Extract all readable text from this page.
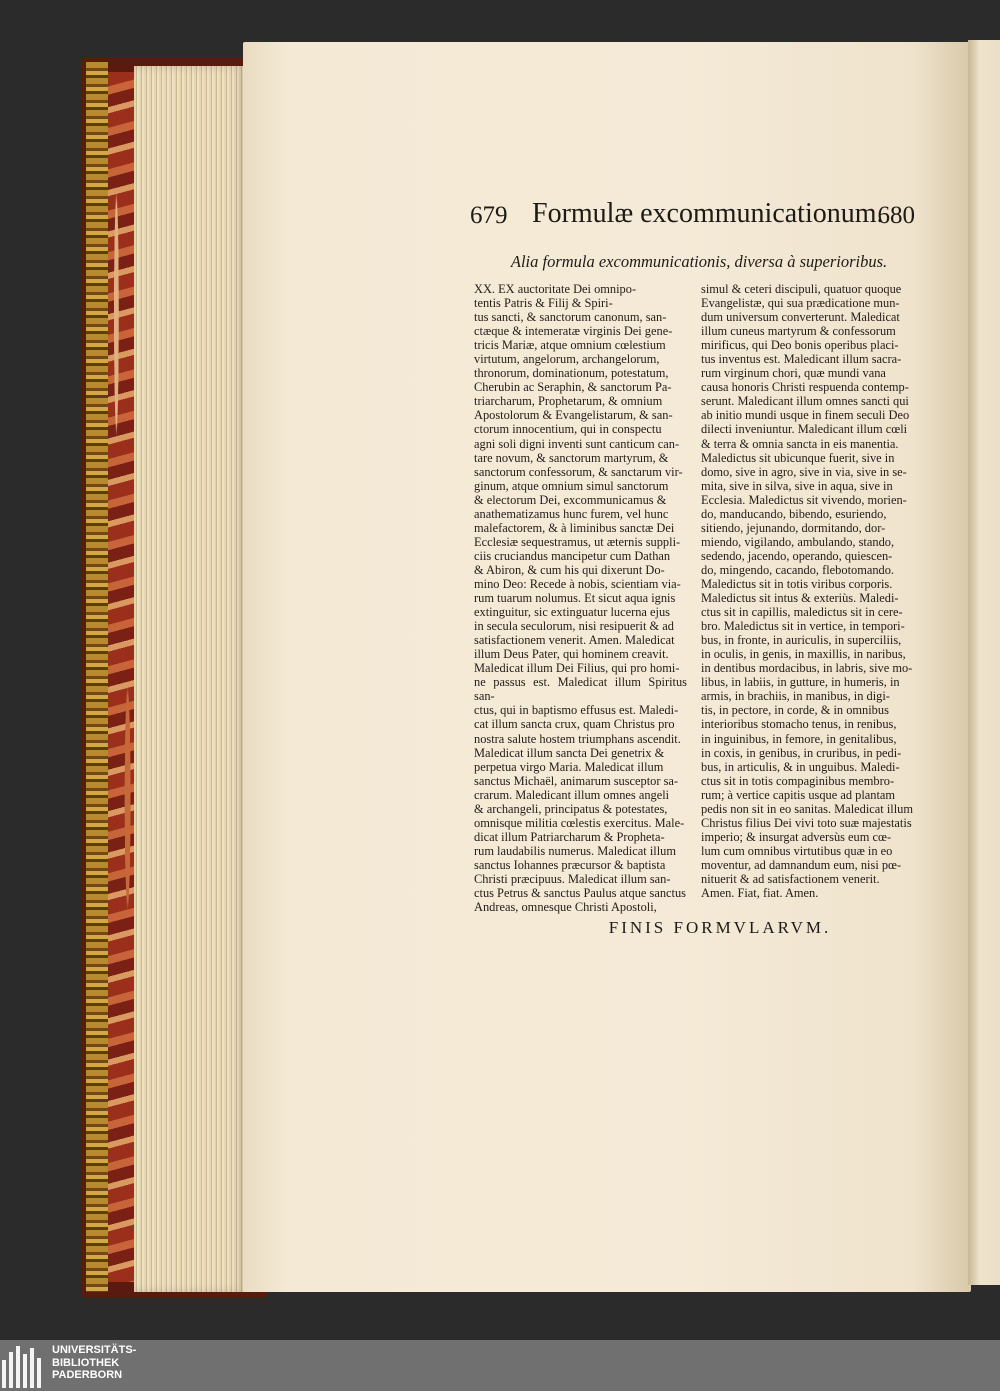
679 Formulæ excommunicationum.
680
Alia formula excommunicationis, diversa à superioribus.
XX. EX auctoritate Dei omnipo-
tentis Patris & Filij & Spiri-
tus sancti, & sanctorum canonum, san-
ctæque & intemeratæ virginis Dei gene-
tricis Mariæ, atque omnium cœlestium
virtutum, angelorum, archangelorum,
thronorum, dominationum, potestatum,
Cherubin ac Seraphin, & sanctorum Pa-
triarcharum, Prophetarum, & omnium
Apostolorum & Evangelistarum, & san-
ctorum innocentium, qui in conspectu
agni soli digni inventi sunt canticum can-
tare novum, & sanctorum martyrum, &
sanctorum confessorum, & sanctarum vir-
ginum, atque omnium simul sanctorum
& electorum Dei, excommunicamus &
anathematizamus hunc furem, vel hunc
malefactorem, & à liminibus sanctæ Dei
Ecclesiæ sequestramus, ut æternis suppli-
ciis cruciandus mancipetur cum Dathan
& Abiron, & cum his qui dixerunt Do-
mino Deo: Recede à nobis, scientiam via-
rum tuarum nolumus. Et sicut aqua ignis
extinguitur, sic extinguatur lucerna ejus
in secula seculorum, nisi resipuerit & ad
satisfactionem venerit. Amen. Maledicat
illum Deus Pater, qui hominem creavit.
Maledicat illum Dei Filius, qui pro homi-
ne passus est. Maledicat illum Spiritus san-
ctus, qui in baptismo effusus est. Maledi-
cat illum sancta crux, quam Christus pro
nostra salute hostem triumphans ascendit.
Maledicat illum sancta Dei genetrix &
perpetua virgo Maria. Maledicat illum
sanctus Michaël, animarum susceptor sa-
crarum. Maledicant illum omnes angeli
& archangeli, principatus & potestates,
omnisque militia cœlestis exercitus. Male-
dicat illum Patriarcharum & Propheta-
rum laudabilis numerus. Maledicat illum
sanctus Iohannes præcursor & baptista
Christi præcipuus. Maledicat illum san-
ctus Petrus & sanctus Paulus atque sanctus
Andreas, omnesque Christi Apostoli,
simul & ceteri discipuli, quatuor quoque
Evangelistæ, qui sua prædicatione mun-
dum universum converterunt. Maledicat
illum cuneus martyrum & confessorum
mirificus, qui Deo bonis operibus placi-
tus inventus est. Maledicant illum sacra-
rum virginum chori, quæ mundi vana
causa honoris Christi respuenda contemp-
serunt. Maledicant illum omnes sancti qui
ab initio mundi usque in finem seculi Deo
dilecti inveniuntur. Maledicant illum cœli
& terra & omnia sancta in eis manentia.
Maledictus sit ubicunque fuerit, sive in
domo, sive in agro, sive in via, sive in se-
mita, sive in silva, sive in aqua, sive in
Ecclesia. Maledictus sit vivendo, morien-
do, manducando, bibendo, esuriendo,
sitiendo, jejunando, dormitando, dor-
miendo, vigilando, ambulando, stando,
sedendo, jacendo, operando, quiescen-
do, mingendo, cacando, flebotomando.
Maledictus sit in totis viribus corporis.
Maledictus sit intus & exteriùs. Maledi-
ctus sit in capillis, maledictus sit in cere-
bro. Maledictus sit in vertice, in tempori-
bus, in fronte, in auriculis, in superciliis,
in oculis, in genis, in maxillis, in naribus,
in dentibus mordacibus, in labris, sive mo-
libus, in labiis, in gutture, in humeris, in
armis, in brachiis, in manibus, in digi-
tis, in pectore, in corde, & in omnibus
interioribus stomacho tenus, in renibus,
in inguinibus, in femore, in genitalibus,
in coxis, in genibus, in cruribus, in pedi-
bus, in articulis, & in unguibus. Maledi-
ctus sit in totis compaginibus membro-
rum; à vertice capitis usque ad plantam
pedis non sit in eo sanitas. Maledicat illum
Christus filius Dei vivi toto suæ majestatis
imperio; & insurgat adversùs eum cœ-
lum cum omnibus virtutibus quæ in eo
moventur, ad damnandum eum, nisi pœ-
nituerit & ad satisfactionem venerit.
Amen. Fiat, fiat. Amen.
FINIS FORMVLARVM.
UNIVERSITÄTS-
BIBLIOTHEK
PADERBORN
